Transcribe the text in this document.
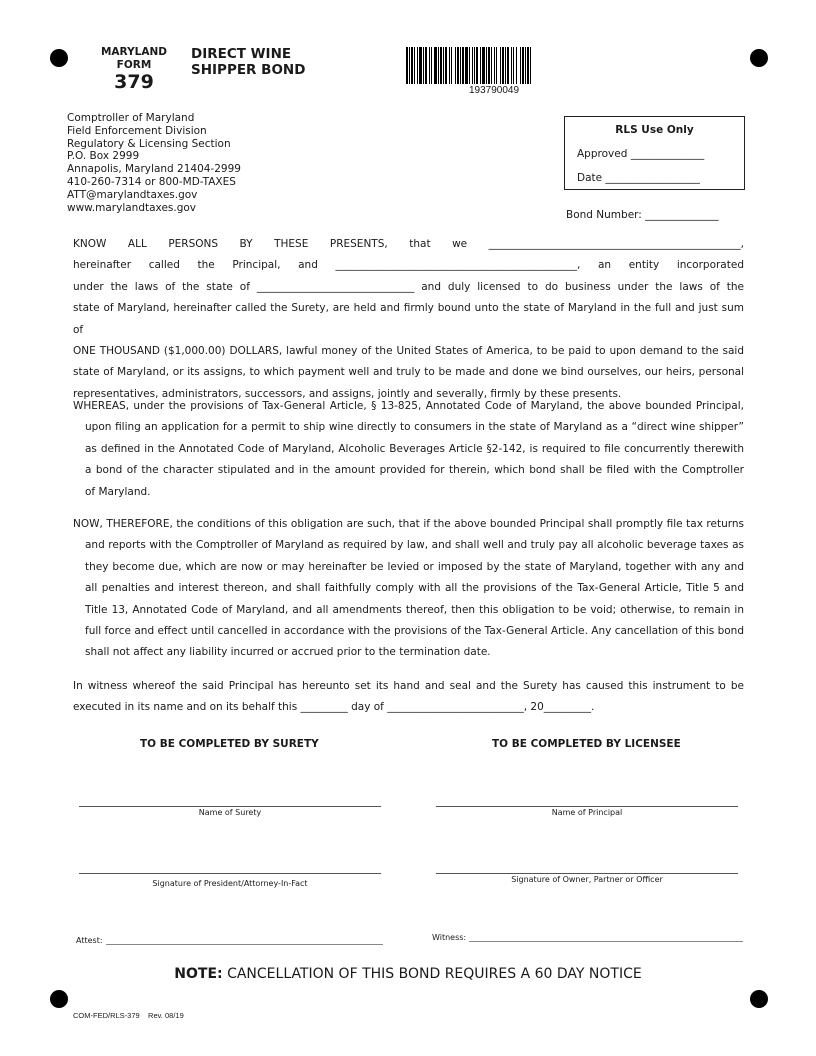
MARYLAND
FORM
379
DIRECT WINE
SHIPPER BOND
193790049
Comptroller of Maryland
Field Enforcement Division
Regulatory & Licensing Section
P.O. Box 2999
Annapolis, Maryland 21404-2999
410-260-7314 or 800-MD-TAXES
ATT@marylandtaxes.gov
www.marylandtaxes.gov
RLS Use Only
Approved ______________
Date __________________
Bond Number: ______________
KNOW ALL PERSONS BY THESE PRESENTS, that we ________________________________________________,
hereinafter called the Principal, and ______________________________________________, an entity incorporated
under the laws of the state of ______________________________ and duly licensed to do business under the laws of the
state of Maryland, hereinafter called the Surety, are held and firmly bound unto the state of Maryland in the full and just sum of
ONE THOUSAND ($1,000.00) DOLLARS, lawful money of the United States of America, to be paid to upon demand to the said
state of Maryland, or its assigns, to which payment well and truly to be made and done we bind ourselves, our heirs, personal
representatives, administrators, successors, and assigns, jointly and severally, firmly by these presents.
WHEREAS, under the provisions of Tax-General Article, § 13-825, Annotated Code of Maryland, the above bounded Principal,
upon filing an application for a permit to ship wine directly to consumers in the state of Maryland as a “direct wine shipper”
as defined in the Annotated Code of Maryland, Alcoholic Beverages Article §2-142, is required to file concurrently therewith
a bond of the character stipulated and in the amount provided for therein, which bond shall be filed with the Comptroller
of Maryland.
NOW, THEREFORE, the conditions of this obligation are such, that if the above bounded Principal shall promptly file tax returns
and reports with the Comptroller of Maryland as required by law, and shall well and truly pay all alcoholic beverage taxes as
they become due, which are now or may hereinafter be levied or imposed by the state of Maryland, together with any and
all penalties and interest thereon, and shall faithfully comply with all the provisions of the Tax-General Article, Title 5 and
Title 13, Annotated Code of Maryland, and all amendments thereof, then this obligation to be void; otherwise, to remain in
full force and effect until cancelled in accordance with the provisions of the Tax-General Article. Any cancellation of this bond
shall not affect any liability incurred or accrued prior to the termination date.
In witness whereof the said Principal has hereunto set its hand and seal and the Surety has caused this instrument to be
executed in its name and on its behalf this _________ day of __________________________, 20_________.
TO BE COMPLETED BY SURETY	TO BE COMPLETED BY LICENSEE
Name of Surety	Name of Principal
Signature of President/Attorney-In-Fact	Signature of Owner, Partner or Officer
Attest:	Witness:
NOTE: CANCELLATION OF THIS BOND REQUIRES A 60 DAY NOTICE
COM-FED/RLS-379 Rev. 08/19
